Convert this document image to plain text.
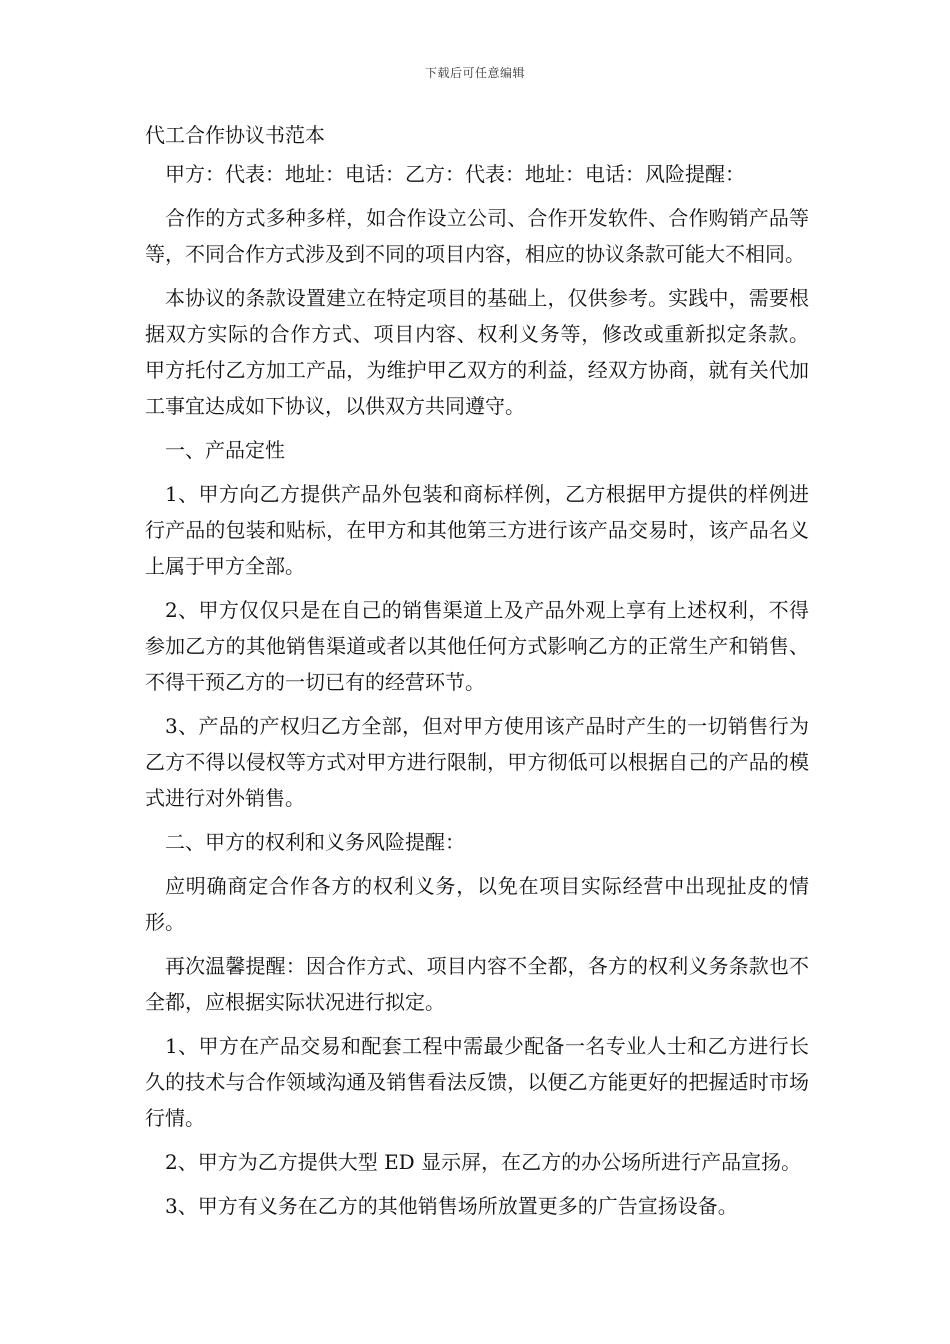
下载后可任意编辑
代工合作协议书范本

甲方：代表：地址：电话：乙方：代表：地址：电话：风险提醒：

合作的方式多种多样，如合作设立公司、合作开发软件、合作购销产品等等，不同合作方式涉及到不同的项目内容，相应的协议条款可能大不相同。

本协议的条款设置建立在特定项目的基础上，仅供参考。实践中，需要根据双方实际的合作方式、项目内容、权利义务等，修改或重新拟定条款。 甲方托付乙方加工产品，为维护甲乙双方的利益，经双方协商，就有关代加工事宜达成如下协议，以供双方共同遵守。

一、产品定性

1、甲方向乙方提供产品外包装和商标样例，乙方根据甲方提供的样例进行产品的包装和贴标，在甲方和其他第三方进行该产品交易时，该产品名义上属于甲方全部。

2、甲方仅仅只是在自己的销售渠道上及产品外观上享有上述权利，不得参加乙方的其他销售渠道或者以其他任何方式影响乙方的正常生产和销售、不得干预乙方的一切已有的经营环节。

3、产品的产权归乙方全部，但对甲方使用该产品时产生的一切销售行为乙方不得以侵权等方式对甲方进行限制，甲方彻低可以根据自己的产品的模式进行对外销售。

二、甲方的权利和义务风险提醒：

应明确商定合作各方的权利义务，以免在项目实际经营中出现扯皮的情形。

再次温馨提醒：因合作方式、项目内容不全都，各方的权利义务条款也不全都，应根据实际状况进行拟定。

1、甲方在产品交易和配套工程中需最少配备一名专业人士和乙方进行长久的技术与合作领域沟通及销售看法反馈，以便乙方能更好的把握适时市场行情。

2、甲方为乙方提供大型 ED 显示屏，在乙方的办公场所进行产品宣扬。

3、甲方有义务在乙方的其他销售场所放置更多的广告宣扬设备。
